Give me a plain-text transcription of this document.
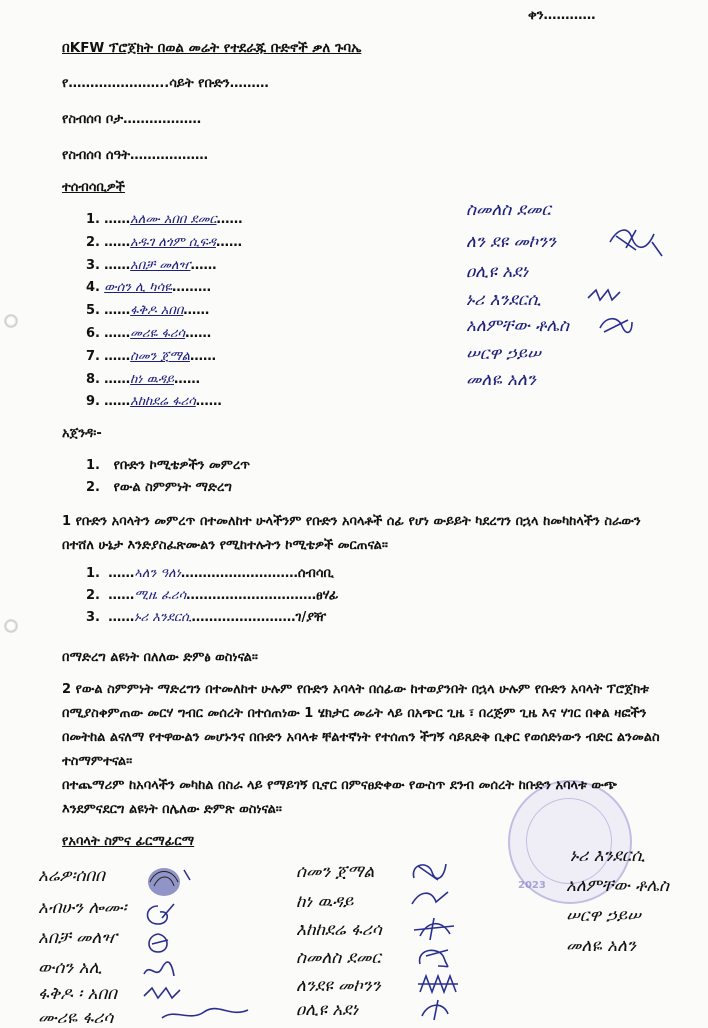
ቀን…………
በKFW ፕሮጀክት በወል መሬት የተደራጁ ቡድኖች ቃለ ጉባኤ
የ…………………..ሳይት የቡድን………
የስብሰባ ቦታ………………
የስብሰባ ሰዓት………………
ተሰብሳቢዎች
1. ……አለሙ አበበ ደመር……
2. ……አዱገ ለጎም ሲፍዳ……
3. ……አበቻ መለዣ……
4. ውሰን ሊ ካሳዬ………
5. ……ፋቅዶ አበበ……
6. ……መሪዬ ፋሪሳ……
7. ……ስመን ጀማል……
8. ……ከነ ዉዳይ……
9. ……እከከደሬ ፋሪሳ……
ስመለስ ደመር
ለን ደዩ መኮንን
ዐሊዩ አደነ
ኑሪ እንደርሲ
አለምቸው ቶሌስ
ሠርዋ ኃይሠ
መለዬ አለን
አጀንዳ፡-
1. የቡድን ኮሚቴዎችን መምረጥ
2. የውል ስምምነት ማድረግ
1 የቡድን አባላትን መምረጥ በተመለከተ ሁላችንም የቡድን አባላቶች ሰፊ የሆነ ውይይት ካደረግን በኋላ ከመካከላችን ስራውን በተሸለ ሁኔታ እንድያስፈጽሙልን የሚከተሉትን ኮሚቴዎች መርጠናል፡፡
1. ……ኣለን ዓለነ………………………ሰብሳቢ
2. ……ሚዜ ፈሪሳ…………………………ፀሃፊ
3. ……ኑሪ እንደርሲ……………………ገ/ያዥ
በማድረግ ልዩነት በለለው ድምፅ ወስነናል፡፡
2 የውል ስምምነት ማድረግን በተመለከተ ሁሉም የቡድን አባላት በሰፊው ከተወያንበት በኋላ ሁሉም የቡድን አባላት ፕሮጀክቱ በሚያስቀምጠው መርሃ ግብር መሰረት በተሰጠነው 1 ሄክታር መሬት ላይ በአጭር ጊዜ ፣ በረጅም ጊዜ እና ሃገር በቀል ዛፎችን በመትከል ልናለማ የተዋውልን መሆኑንና በቡድን አባላቱ ቸልተኛነት የተሰጠን ችግኝ ሳይጸድቅ ቢቀር የወሰድነውን ብድር ልንመልስ ተስማምተናል፡፡
2023
በተጨማሪም ከአባላችን መካከል በስራ ላይ የማይገኝ ቢኖር በምናፀድቀው የውስጥ ደንብ መሰረት ከቡድን አባላቱ ውጭ እንደምናደርግ ልዩነት በሌለው ድምጽ ወስነናል፡፡
የአባላት ስምና ፊርማፊርማ
አሬዎ፡ሰበበ
አብሁን ሎሙ፡
አበቻ መለዣ
ውሰን አሊ
ፋቅዶ ፡ አበበ
ሙሪዬ ፋሪሳ
ሰመን ጀማል
ከነ ዉዳይ
እከከደሬ ፋሪሳ
ስመለስ ደመር
ለንደዩ መኮንን
ዐሊዩ አደነ
ኑሪ እንደርሲ
አለምቸው ቶሌስ
ሠርዋ ኃይሠ
መለዬ አለን
